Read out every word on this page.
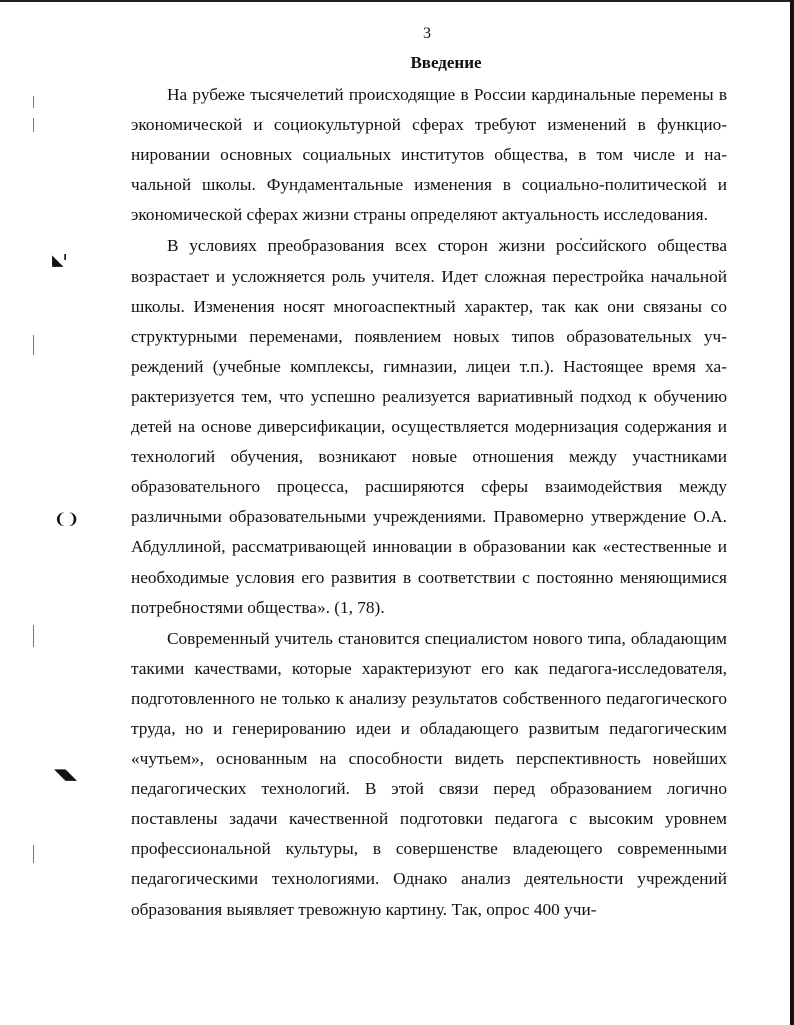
◣ˡ
❨❩
◥◣
3
Введение

На рубеже тысячелетий происходящие в России кардинальные перемены в экономической и социокультурной сферах требуют изменений в функционировании основных социальных институтов общества, в том числе и начальной школы. Фундаментальные изменения в социально-политической и экономической сферах жизни страны определяют актуальность исследования.

В условиях преобразования всех сторон жизни российского общества возрастает и усложняется роль учителя. Идет сложная перестройка начальной школы. Изменения носят многоаспектный характер, так как они связаны со структурными переменами, появлением новых типов образовательных учреждений (учебные комплексы, гимназии, лицеи т.п.). Настоящее время характеризуется тем, что успешно реализуется вариативный подход к обучению детей на основе диверсификации, осуществляется модернизация содержания и технологий обучения, возникают новые отношения между участниками образовательного процесса, расширяются сферы взаимодействия между различными образовательными учреждениями. Правомерно утверждение О.А. Абдуллиной, рассматривающей инновации в образовании как «естественные и необходимые условия его развития в соответствии с постоянно меняющимися потребностями общества». (1, 78).

Современный учитель становится специалистом нового типа, обладающим такими качествами, которые характеризуют его как педагога-исследователя, подготовленного не только к анализу результатов собственного педагогического труда, но и генерированию идеи и обладающего развитым педагогическим «чутьем», основанным на способности видеть перспективность новейших педагогических технологий. В этой связи перед образованием логично поставлены задачи качественной подготовки педагога с высоким уровнем профессиональной культуры, в совершенстве владеющего современными педагогическими технологиями. Однако анализ деятельности учреждений образования выявляет тревожную картину. Так, опрос 400 учи-
